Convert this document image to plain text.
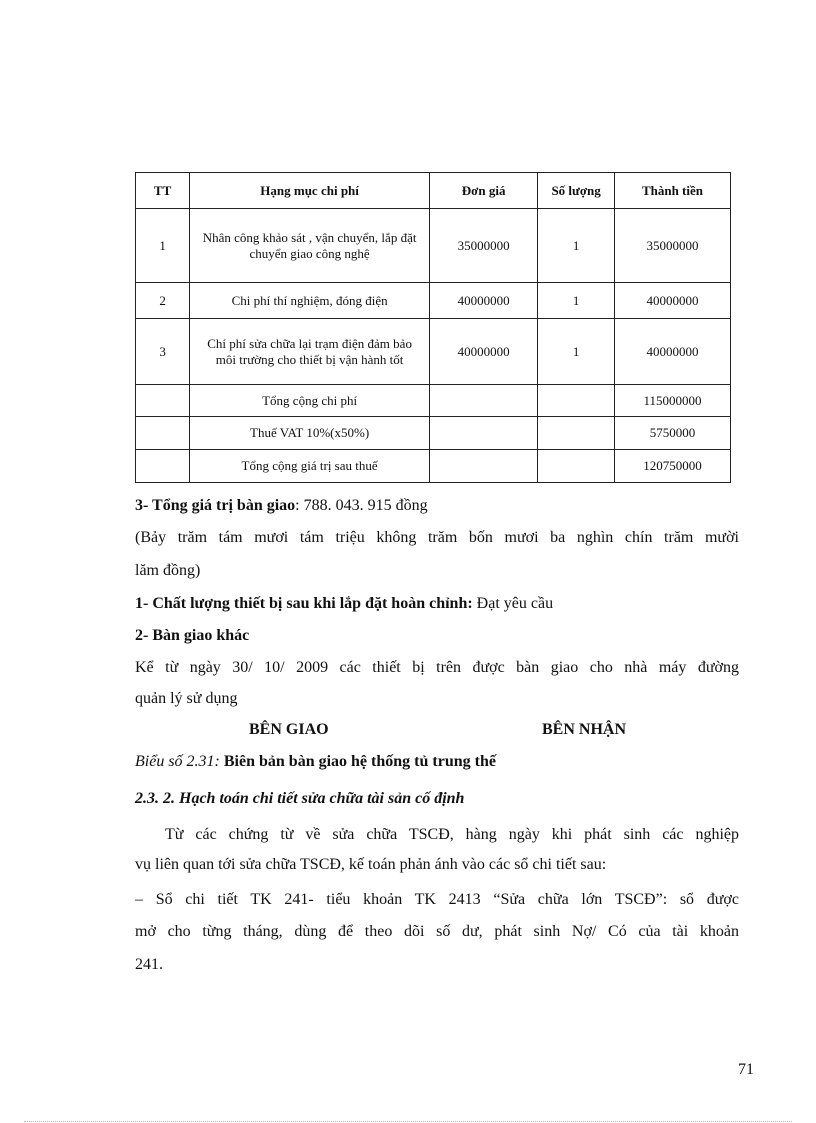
TT	Hạng mục chi phí	Đơn giá	Số lượng	Thành tiền
1	Nhân công khảo sát , vận chuyển, lắp đặt chuyển giao công nghệ	35000000	1	35000000
2	Chi phí thí nghiệm, đóng điện	40000000	1	40000000
3	Chí phí sửa chữa lại trạm điện đảm bảo môi trường cho thiết bị vận hành tốt	40000000	1	40000000
	Tổng cộng chi phí			115000000
	Thuế VAT 10%(x50%)			5750000
	Tổng cộng giá trị sau thuế			120750000
3- Tổng giá trị bàn giao: 788. 043. 915 đồng
(Bảy trăm tám mươi tám triệu không trăm bốn mươi ba nghìn chín trăm mười
lăm đồng)
1- Chất lượng thiết bị sau khi lắp đặt hoàn chỉnh: Đạt yêu cầu
2- Bàn giao khác
Kể từ ngày 30/ 10/ 2009 các thiết bị trên được bàn giao cho nhà máy đường
quản lý sử dụng
BÊN GIAO	BÊN NHẬN
Biểu số 2.31: Biên bản bàn giao hệ thống tủ trung thế
2.3. 2. Hạch toán chi tiết sửa chữa tài sản cố định
Từ các chứng từ về sửa chữa TSCĐ, hàng ngày khi phát sinh các nghiệp
vụ liên quan tới sửa chữa TSCĐ, kế toán phản ánh vào các sổ chi tiết sau:
– Sổ chi tiết TK 241- tiểu khoản TK 2413 “Sửa chữa lớn TSCĐ”: sổ được
mở cho từng tháng, dùng để theo dõi số dư, phát sinh Nợ/ Có của tài khoản
241.
71
